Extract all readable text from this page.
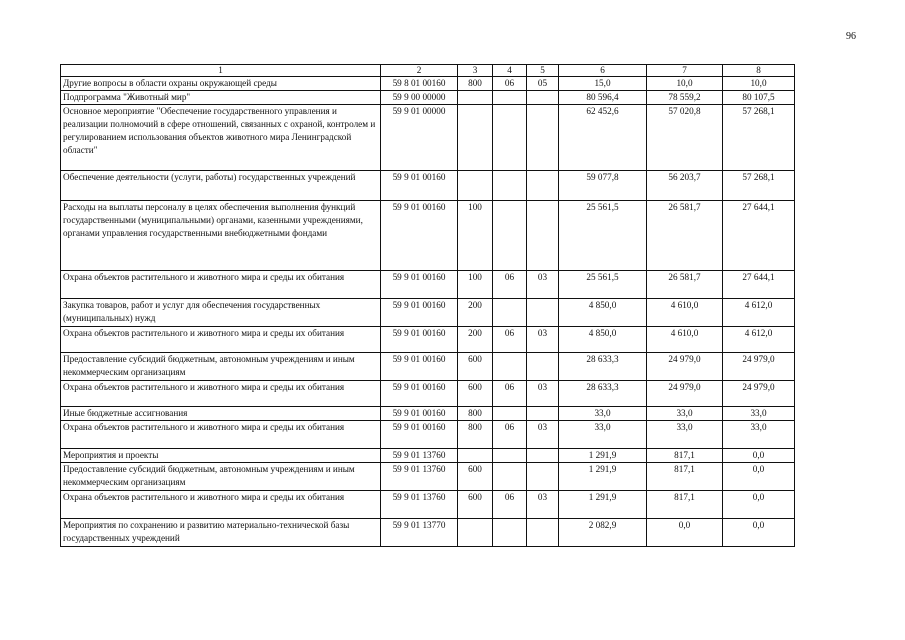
96
1	2	3	4	5	6	7	8
Другие вопросы в области охраны окружающей среды	59 8 01 00160	800	06	05	15,0	10,0	10,0
Подпрограмма "Животный мир"	59 9 00 00000				80 596,4	78 559,2	80 107,5
Основное мероприятие "Обеспечение государственного управления и реализации полномочий в сфере отношений, связанных с охраной, контролем и регулированием использования объектов животного мира Ленинградской области"	59 9 01 00000				62 452,6	57 020,8	57 268,1
Обеспечение деятельности (услуги, работы) государственных учреждений	59 9 01 00160				59 077,8	56 203,7	57 268,1
Расходы на выплаты персоналу в целях обеспечения выполнения функций государственными (муниципальными) органами, казенными учреждениями, органами управления государственными внебюджетными фондами	59 9 01 00160	100			25 561,5	26 581,7	27 644,1
Охрана объектов растительного и животного мира и среды их обитания	59 9 01 00160	100	06	03	25 561,5	26 581,7	27 644,1
Закупка товаров, работ и услуг для обеспечения государственных (муниципальных) нужд	59 9 01 00160	200			4 850,0	4 610,0	4 612,0
Охрана объектов растительного и животного мира и среды их обитания	59 9 01 00160	200	06	03	4 850,0	4 610,0	4 612,0
Предоставление субсидий бюджетным, автономным учреждениям и иным некоммерческим организациям	59 9 01 00160	600			28 633,3	24 979,0	24 979,0
Охрана объектов растительного и животного мира и среды их обитания	59 9 01 00160	600	06	03	28 633,3	24 979,0	24 979,0
Иные бюджетные ассигнования	59 9 01 00160	800			33,0	33,0	33,0
Охрана объектов растительного и животного мира и среды их обитания	59 9 01 00160	800	06	03	33,0	33,0	33,0
Мероприятия и проекты	59 9 01 13760				1 291,9	817,1	0,0
Предоставление субсидий бюджетным, автономным учреждениям и иным некоммерческим организациям	59 9 01 13760	600			1 291,9	817,1	0,0
Охрана объектов растительного и животного мира и среды их обитания	59 9 01 13760	600	06	03	1 291,9	817,1	0,0
Мероприятия по сохранению и развитию материально-технической базы государственных учреждений	59 9 01 13770				2 082,9	0,0	0,0
